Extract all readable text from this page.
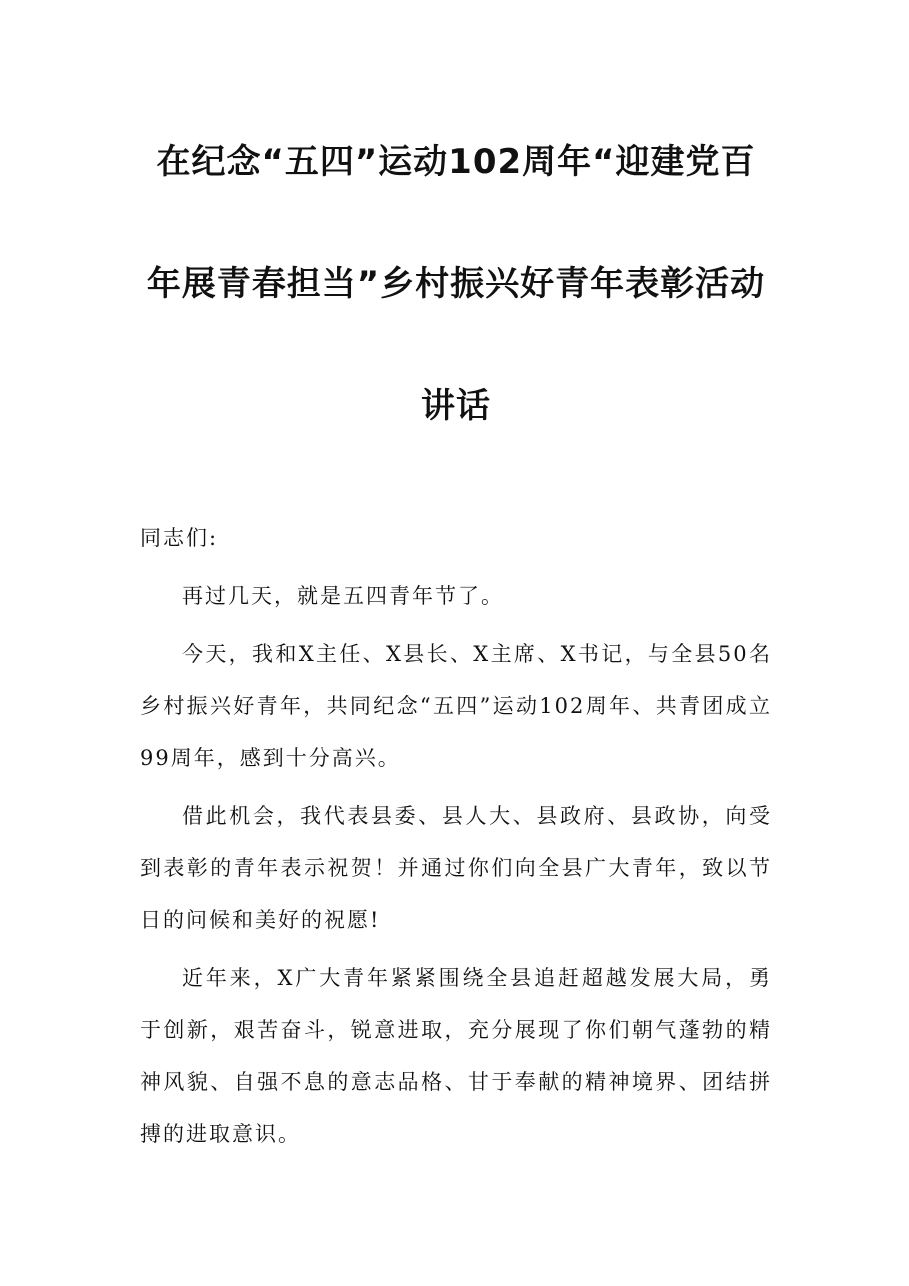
在纪念“五四”运动102周年“迎建党百
年展青春担当”乡村振兴好青年表彰活动
讲话

同志们:

再过几天，就是五四青年节了。

今天，我和X主任、X县长、X主席、X书记，与全县50名乡村振兴好青年，共同纪念“五四”运动102周年、共青团成立99周年，感到十分高兴。

借此机会，我代表县委、县人大、县政府、县政协，向受到表彰的青年表示祝贺！并通过你们向全县广大青年，致以节日的问候和美好的祝愿!

近年来，X广大青年紧紧围绕全县追赶超越发展大局，勇于创新，艰苦奋斗，锐意进取，充分展现了你们朝气蓬勃的精神风貌、自强不息的意志品格、甘于奉献的精神境界、团结拼搏的进取意识。
